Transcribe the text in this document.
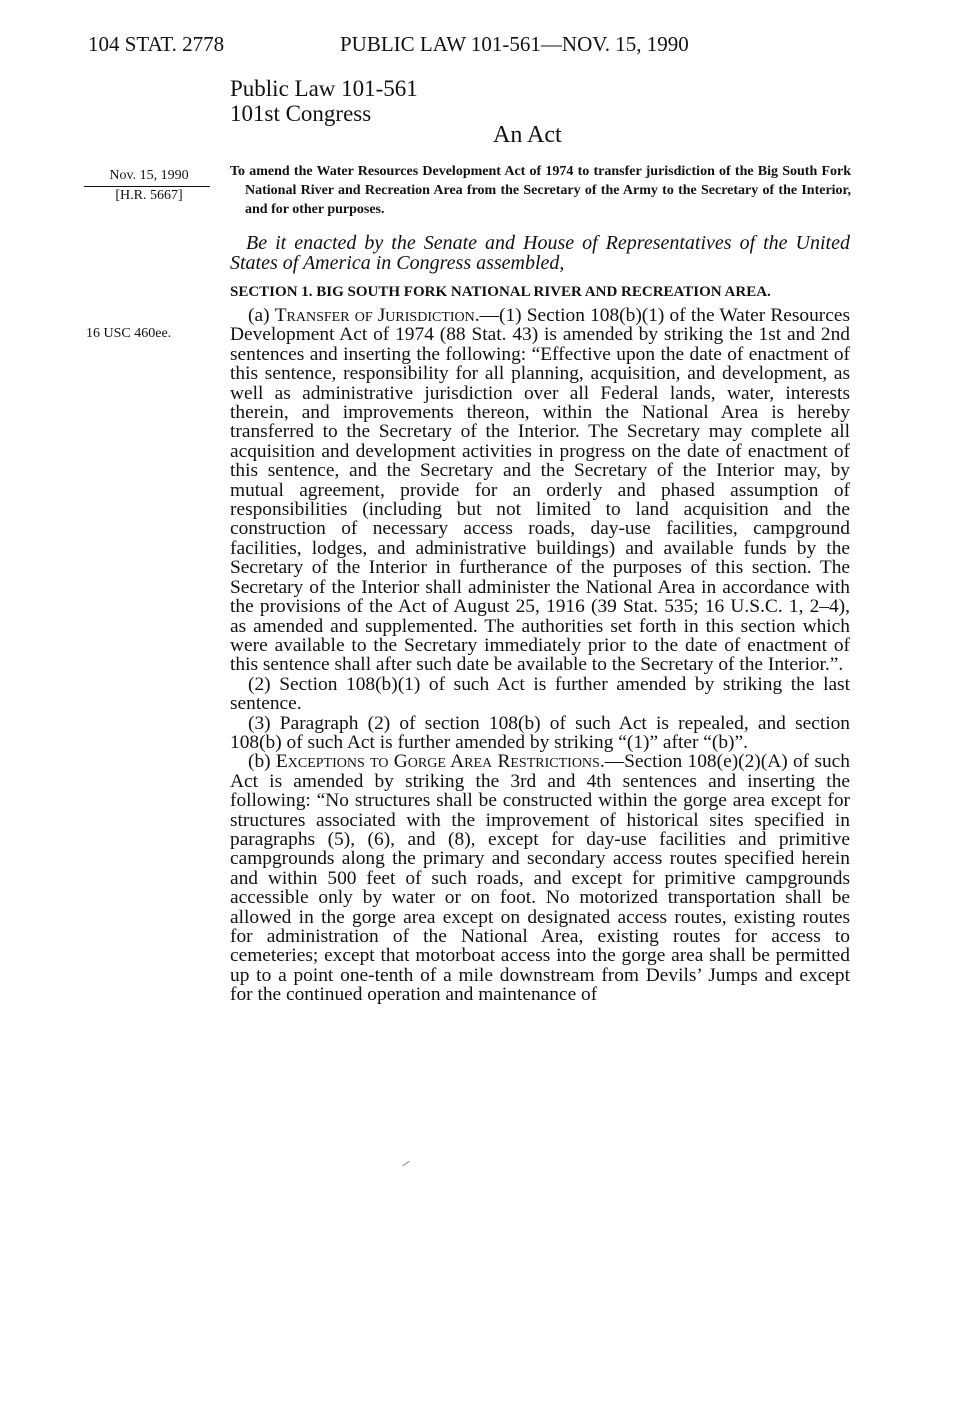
104 STAT. 2778	PUBLIC LAW 101-561—NOV. 15, 1990
Public Law 101-561
101st Congress
An Act
Nov. 15, 1990
[H.R. 5667]
16 USC 460ee.
To amend the Water Resources Development Act of 1974 to transfer jurisdiction of the Big South Fork National River and Recreation Area from the Secretary of the Army to the Secretary of the Interior, and for other purposes.
Be it enacted by the Senate and House of Representatives of the United States of America in Congress assembled,
SECTION 1. BIG SOUTH FORK NATIONAL RIVER AND RECREATION AREA.

(a) Transfer of Jurisdiction.—(1) Section 108(b)(1) of the Water Resources Development Act of 1974 (88 Stat. 43) is amended by striking the 1st and 2nd sentences and inserting the following: “Effective upon the date of enactment of this sentence, responsibility for all planning, acquisition, and development, as well as administrative jurisdiction over all Federal lands, water, interests therein, and improvements thereon, within the National Area is hereby transferred to the Secretary of the Interior. The Secretary may complete all acquisition and development activities in progress on the date of enactment of this sentence, and the Secretary and the Secretary of the Interior may, by mutual agreement, provide for an orderly and phased assumption of responsibilities (including but not limited to land acquisition and the construction of necessary access roads, day-use facilities, campground facilities, lodges, and administrative buildings) and available funds by the Secretary of the Interior in furtherance of the purposes of this section. The Secretary of the Interior shall administer the National Area in accordance with the provisions of the Act of August 25, 1916 (39 Stat. 535; 16 U.S.C. 1, 2–4), as amended and supplemented. The authorities set forth in this section which were available to the Secretary immediately prior to the date of enactment of this sentence shall after such date be available to the Secretary of the Interior.”.

(2) Section 108(b)(1) of such Act is further amended by striking the last sentence.

(3) Paragraph (2) of section 108(b) of such Act is repealed, and section 108(b) of such Act is further amended by striking “(1)” after “(b)”.

(b) Exceptions to Gorge Area Restrictions.—Section 108(e)(2)(A) of such Act is amended by striking the 3rd and 4th sentences and inserting the following: “No structures shall be constructed within the gorge area except for structures associated with the improvement of historical sites specified in paragraphs (5), (6), and (8), except for day-use facilities and primitive campgrounds along the primary and secondary access routes specified herein and within 500 feet of such roads, and except for primitive campgrounds accessible only by water or on foot. No motorized transportation shall be allowed in the gorge area except on designated access routes, existing routes for administration of the National Area, existing routes for access to cemeteries; except that motorboat access into the gorge area shall be permitted up to a point one-tenth of a mile downstream from Devils’ Jumps and except for the continued operation and maintenance of
